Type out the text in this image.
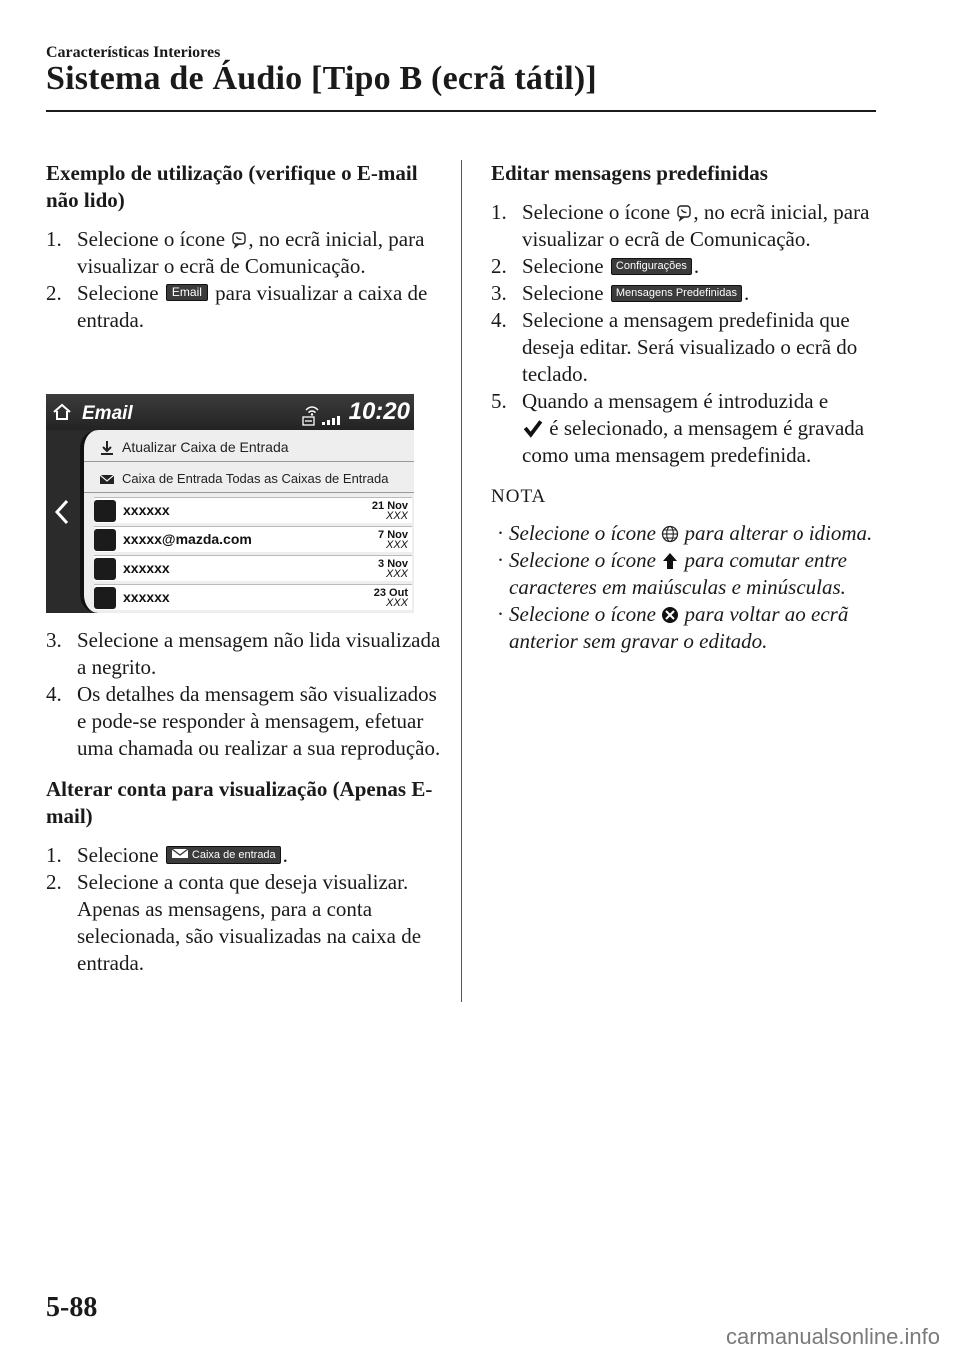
Características Interiores
Sistema de Áudio [Tipo B (ecrã tátil)]
Exemplo de utilização (verifique o E-mail não lido)
1. Selecione o ícone , no ecrã inicial, para visualizar o ecrã de Comunicação.
2. Selecione Email para visualizar a caixa de entrada.
Email	10:20
Atualizar Caixa de Entrada
Caixa de Entrada Todas as Caixas de Entrada
xxxxxx	21 Nov
XXX
xxxxx@mazda.com	7 Nov
XXX
xxxxxx	3 Nov
XXX
xxxxxx	23 Out
XXX
3. Selecione a mensagem não lida visualizada a negrito.
4. Os detalhes da mensagem são visualizados e pode-se responder à mensagem, efetuar uma chamada ou realizar a sua reprodução.
Alterar conta para visualização (Apenas E-mail)
1. Selecione	Caixa de entrada .
2. Selecione a conta que deseja visualizar. Apenas as mensagens, para a conta selecionada, são visualizadas na caixa de entrada.
Editar mensagens predefinidas
1. Selecione o ícone , no ecrã inicial, para visualizar o ecrã de Comunicação.
2. Selecione Configurações .
3. Selecione Mensagens Predefinidas .
4. Selecione a mensagem predefinida que deseja editar. Será visualizado o ecrã do teclado.
5. Quando a mensagem é introduzida e
é selecionado, a mensagem é gravada como uma mensagem predefinida.
NOTA
· Selecione o ícone para alterar o idioma.
· Selecione o ícone para comutar entre caracteres em maiúsculas e minúsculas.
· Selecione o ícone para voltar ao ecrã anterior sem gravar o editado.
5-88
carmanualsonline.info
